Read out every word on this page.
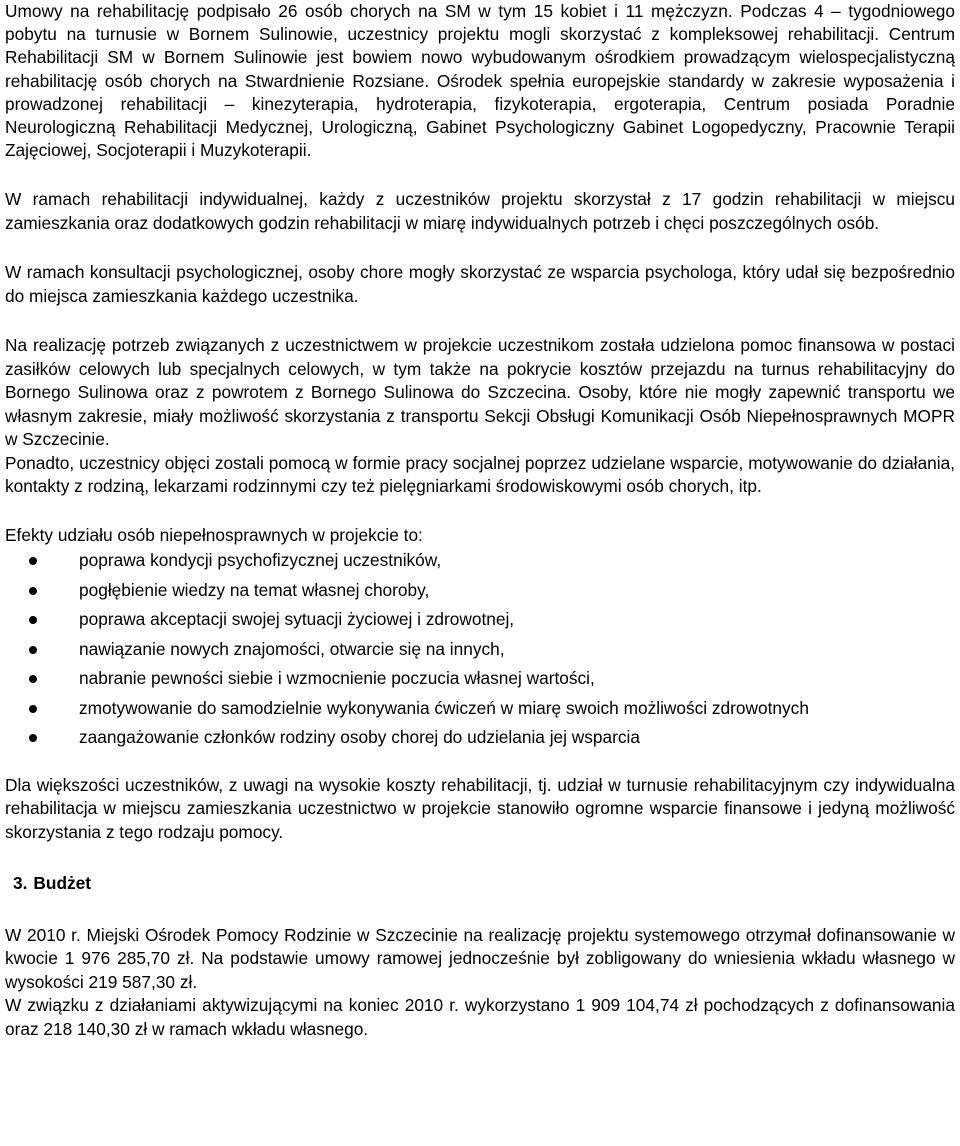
Umowy na rehabilitację podpisało 26 osób chorych na SM w tym 15 kobiet i 11 mężczyzn. Podczas 4 – tygodniowego pobytu na turnusie w Bornem Sulinowie, uczestnicy projektu mogli skorzystać z kompleksowej rehabilitacji. Centrum Rehabilitacji SM w Bornem Sulinowie jest bowiem nowo wybudowanym ośrodkiem prowadzącym wielospecjalistyczną rehabilitację osób chorych na Stwardnienie Rozsiane. Ośrodek spełnia europejskie standardy w zakresie wyposażenia i prowadzonej rehabilitacji – kinezyterapia, hydroterapia, fizykoterapia, ergoterapia, Centrum posiada Poradnie Neurologiczną Rehabilitacji Medycznej, Urologiczną, Gabinet Psychologiczny Gabinet Logopedyczny, Pracownie Terapii Zajęciowej, Socjoterapii i Muzykoterapii.

W ramach rehabilitacji indywidualnej, każdy z uczestników projektu skorzystał z 17 godzin rehabilitacji w miejscu zamieszkania oraz dodatkowych godzin rehabilitacji w miarę indywidualnych potrzeb i chęci poszczególnych osób.

W ramach konsultacji psychologicznej, osoby chore mogły skorzystać ze wsparcia psychologa, który udał się bezpośrednio do miejsca zamieszkania każdego uczestnika.

Na realizację potrzeb związanych z uczestnictwem w projekcie uczestnikom została udzielona pomoc finansowa w postaci zasiłków celowych lub specjalnych celowych, w tym także na pokrycie kosztów przejazdu na turnus rehabilitacyjny do Bornego Sulinowa oraz z powrotem z Bornego Sulinowa do Szczecina. Osoby, które nie mogły zapewnić transportu we własnym zakresie, miały możliwość skorzystania z transportu Sekcji Obsługi Komunikacji Osób Niepełnosprawnych MOPR w Szczecinie.

Ponadto, uczestnicy objęci zostali pomocą w formie pracy socjalnej poprzez udzielane wsparcie, motywowanie do działania, kontakty z rodziną, lekarzami rodzinnymi czy też pielęgniarkami środowiskowymi osób chorych, itp.

Efekty udziału osób niepełnosprawnych w projekcie to:

poprawa kondycji psychofizycznej uczestników,
pogłębienie wiedzy na temat własnej choroby,
poprawa akceptacji swojej sytuacji życiowej i zdrowotnej,
nawiązanie nowych znajomości, otwarcie się na innych,
nabranie pewności siebie i wzmocnienie poczucia własnej wartości,
zmotywowanie do samodzielnie wykonywania ćwiczeń w miarę swoich możliwości zdrowotnych
zaangażowanie członków rodziny osoby chorej do udzielania jej wsparcia

Dla większości uczestników, z uwagi na wysokie koszty rehabilitacji, tj. udział w turnusie rehabilitacyjnym czy indywidualna rehabilitacja w miejscu zamieszkania uczestnictwo w projekcie stanowiło ogromne wsparcie finansowe i jedyną możliwość skorzystania z tego rodzaju pomocy.

3. Budżet

W 2010 r. Miejski Ośrodek Pomocy Rodzinie w Szczecinie na realizację projektu systemowego otrzymał dofinansowanie w kwocie 1 976 285,70 zł. Na podstawie umowy ramowej jednocześnie był zobligowany do wniesienia wkładu własnego w wysokości 219 587,30 zł.

W związku z działaniami aktywizującymi na koniec 2010 r. wykorzystano 1 909 104,74 zł pochodzących z dofinansowania oraz 218 140,30 zł w ramach wkładu własnego.
